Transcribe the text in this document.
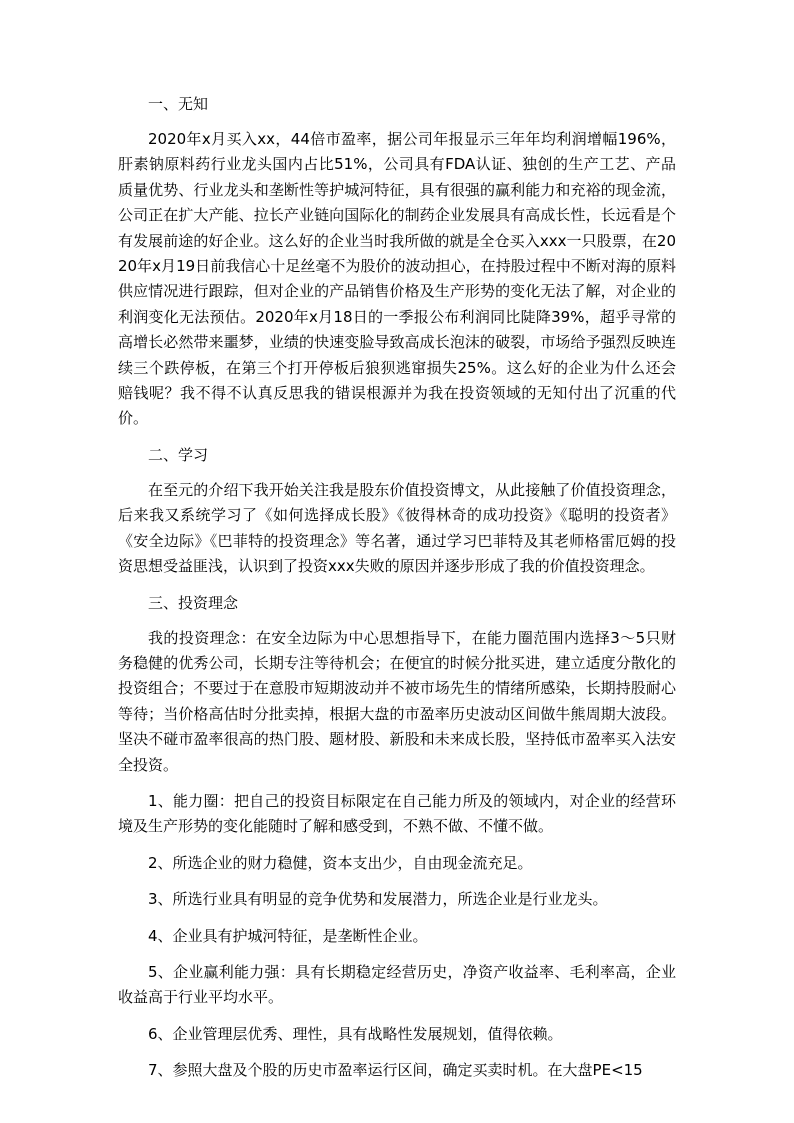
一、无知

2020年x月买入xx，44倍市盈率，据公司年报显示三年年均利润增幅196%，肝素钠原料药行业龙头国内占比51%，公司具有FDA认证、独创的生产工艺、产品质量优势、行业龙头和垄断性等护城河特征，具有很强的赢利能力和充裕的现金流，公司正在扩大产能、拉长产业链向国际化的制药企业发展具有高成长性，长远看是个有发展前途的好企业。这么好的企业当时我所做的就是全仓买入xxx一只股票，在2020年x月19日前我信心十足丝毫不为股价的波动担心，在持股过程中不断对海的原料供应情况进行跟踪，但对企业的产品销售价格及生产形势的变化无法了解，对企业的利润变化无法预估。2020年x月18日的一季报公布利润同比陡降39%，超乎寻常的高增长必然带来噩梦，业绩的快速变脸导致高成长泡沫的破裂，市场给予强烈反映连续三个跌停板，在第三个打开停板后狼狈逃窜损失25%。这么好的企业为什么还会赔钱呢？我不得不认真反思我的错误根源并为我在投资领域的无知付出了沉重的代价。

二、学习

在至元的介绍下我开始关注我是股东价值投资博文，从此接触了价值投资理念，后来我又系统学习了《如何选择成长股》《彼得林奇的成功投资》《聪明的投资者》《安全边际》《巴菲特的投资理念》等名著，通过学习巴菲特及其老师格雷厄姆的投资思想受益匪浅，认识到了投资xxx失败的原因并逐步形成了我的价值投资理念。

三、投资理念

我的投资理念：在安全边际为中心思想指导下，在能力圈范围内选择3～5只财务稳健的优秀公司，长期专注等待机会；在便宜的时候分批买进，建立适度分散化的投资组合；不要过于在意股市短期波动并不被市场先生的情绪所感染，长期持股耐心等待；当价格高估时分批卖掉，根据大盘的市盈率历史波动区间做牛熊周期大波段。坚决不碰市盈率很高的热门股、题材股、新股和未来成长股，坚持低市盈率买入法安全投资。

1、能力圈：把自己的投资目标限定在自己能力所及的领域内，对企业的经营环境及生产形势的变化能随时了解和感受到，不熟不做、不懂不做。

2、所选企业的财力稳健，资本支出少，自由现金流充足。

3、所选行业具有明显的竞争优势和发展潜力，所选企业是行业龙头。

4、企业具有护城河特征，是垄断性企业。

5、企业赢利能力强：具有长期稳定经营历史，净资产收益率、毛利率高，企业收益高于行业平均水平。

6、企业管理层优秀、理性，具有战略性发展规划，值得依赖。

7、参照大盘及个股的历史市盈率运行区间，确定买卖时机。在大盘PE<15
